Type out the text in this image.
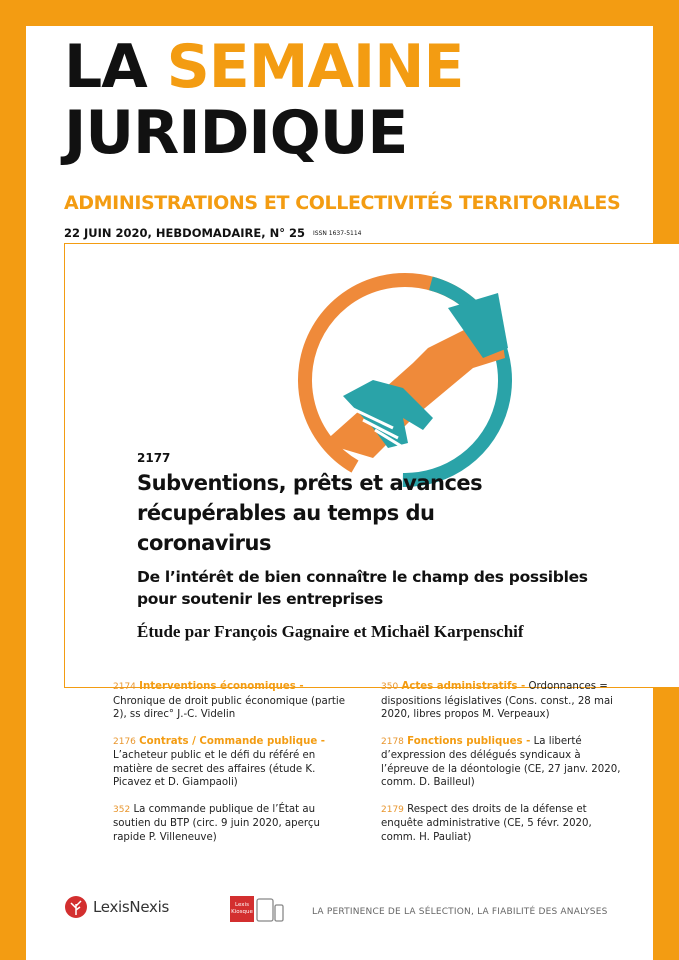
LA SEMAINE
JURIDIQUE
ADMINISTRATIONS ET COLLECTIVITÉS TERRITORIALES
22 JUIN 2020, HEBDOMADAIRE, N° 25 ISSN 1637-5114
2177
Subventions, prêts et avances récupérables au temps du coronavirus

De l’intérêt de bien connaître le champ des possibles pour soutenir les entreprises

Étude par François Gagnaire et Michaël Karpenschif

2174 Interventions économiques -
Chronique de droit public économique (partie 2), ss direc° J.-C. Videlin

2176 Contrats / Commande publique -
L’acheteur public et le défi du référé en matière de secret des affaires (étude K. Picavez et D. Giampaoli)

352 La commande publique de l’État au soutien du BTP (circ. 9 juin 2020, aperçu rapide P. Villeneuve)

350 Actes administratifs - Ordonnances = dispositions législatives (Cons. const., 28 mai 2020, libres propos M. Verpeaux)

2178 Fonctions publiques - La liberté d’expression des délégués syndicaux à l’épreuve de la déontologie (CE, 27 janv. 2020, comm. D. Bailleul)

2179 Respect des droits de la défense et enquête administrative (CE, 5 févr. 2020, comm. H. Pauliat)

LexisNexis	Lexis
Kiosque	LA PERTINENCE DE LA SÉLECTION, LA FIABILITÉ DES ANALYSES
